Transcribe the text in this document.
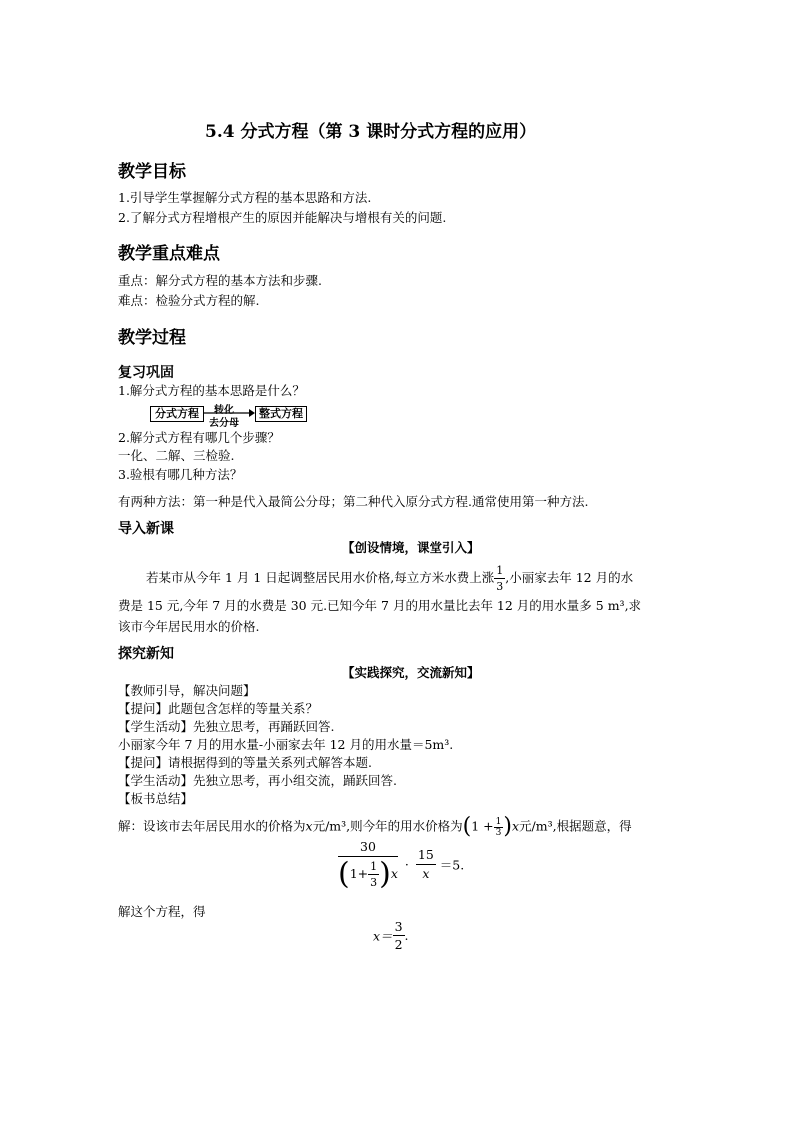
5.4 分式方程（第 3 课时分式方程的应用）
教学目标
1.引导学生掌握解分式方程的基本思路和方法.
2.了解分式方程增根产生的原因并能解决与增根有关的问题.
教学重点难点
重点：解分式方程的基本方法和步骤.
难点：检验分式方程的解.
教学过程
复习巩固
1.解分式方程的基本思路是什么？
分式方程	转化
去分母
整式方程
2.解分式方程有哪几个步骤？
一化、二解、三检验.
3.验根有哪几种方法？
有两种方法：第一种是代入最简公分母；第二种代入原分式方程.通常使用第一种方法.
导入新课
【创设情境，课堂引入】
若某市从今年 1 月 1 日起调整居民用水价格,每立方米水费上涨 $\frac{1}{3}$ ,小丽家去年 12 月的水
费是 15 元,今年 7 月的水费是 30 元.已知今年 7 月的用水量比去年 12 月的用水量多 5 m³,求
该市今年居民用水的价格.
探究新知
【实践探究，交流新知】
【教师引导，解决问题】
【提问】此题包含怎样的等量关系？
【学生活动】先独立思考，再踊跃回答.
小丽家今年 7 月的用水量-小丽家去年 12 月的用水量＝5m³.
【提问】请根据得到的等量关系列式解答本题.
【学生活动】先独立思考，再小组交流，踊跃回答.
【板书总结】
解：设该市去年居民用水的价格为x元/m³,则今年的用水价格为$(1 + \frac{1}{3} )x$元/m³,根据题意，得
$\frac{30}{(1+ \frac{1}{3} )x} \cdot \frac{15}{x} =5$.
解这个方程，得
$x= \frac{3}{2}$ .
